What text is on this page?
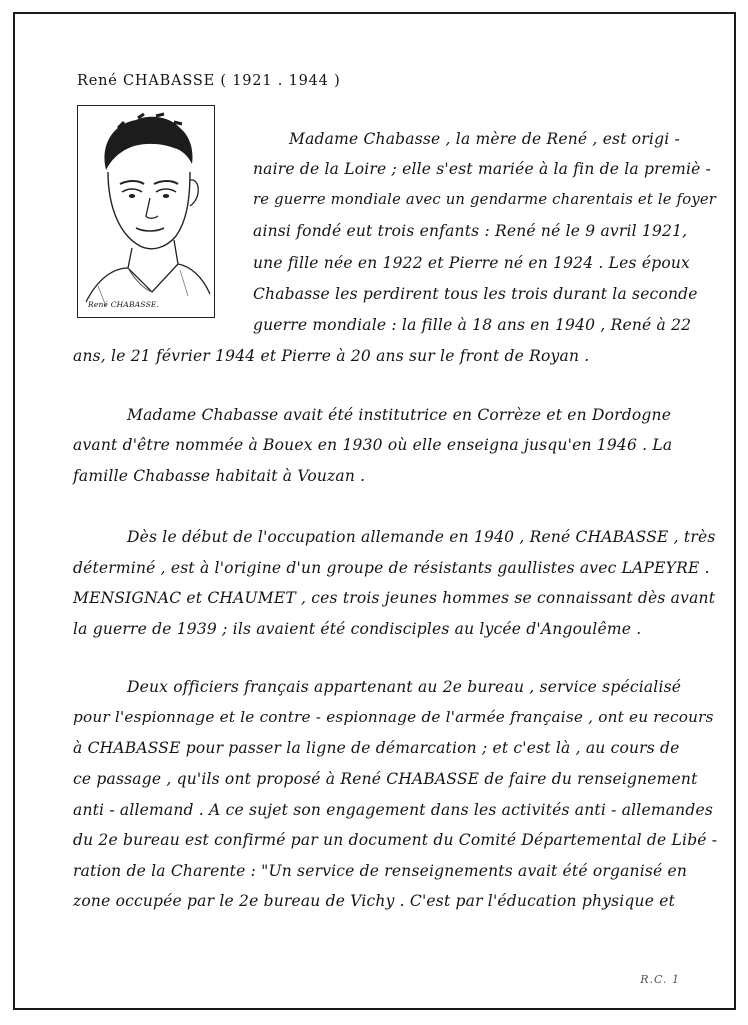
René CHABASSE ( 1921 . 1944 )
René CHABASSE.
Madame Chabasse , la mère de René , est origi -
naire de la Loire ; elle s'est mariée à la fin de la premiè -
re guerre mondiale avec un gendarme charentais et le foyer
ainsi fondé eut trois enfants : René né le 9 avril 1921,
une fille née en 1922 et Pierre né en 1924 . Les époux
Chabasse les perdirent tous les trois durant la seconde
guerre mondiale : la fille à 18 ans en 1940 , René à 22
ans, le 21 février 1944 et Pierre à 20 ans sur le front de Royan .
Madame Chabasse avait été institutrice en Corrèze et en Dordogne
avant d'être nommée à Bouex en 1930 où elle enseigna jusqu'en 1946 . La
famille Chabasse habitait à Vouzan .
Dès le début de l'occupation allemande en 1940 , René CHABASSE , très
déterminé , est à l'origine d'un groupe de résistants gaullistes avec LAPEYRE .
MENSIGNAC et CHAUMET , ces trois jeunes hommes se connaissant dès avant
la guerre de 1939 ; ils avaient été condisciples au lycée d'Angoulême .
Deux officiers français appartenant au 2e bureau , service spécialisé
pour l'espionnage et le contre - espionnage de l'armée française , ont eu recours
à CHABASSE pour passer la ligne de démarcation ; et c'est là , au cours de
ce passage , qu'ils ont proposé à René CHABASSE de faire du renseignement
anti - allemand . A ce sujet son engagement dans les activités anti - allemandes
du 2e bureau est confirmé par un document du Comité Départemental de Libé -
ration de la Charente : "Un service de renseignements avait été organisé en
zone occupée par le 2e bureau de Vichy . C'est par l'éducation physique et
R.C. 1
